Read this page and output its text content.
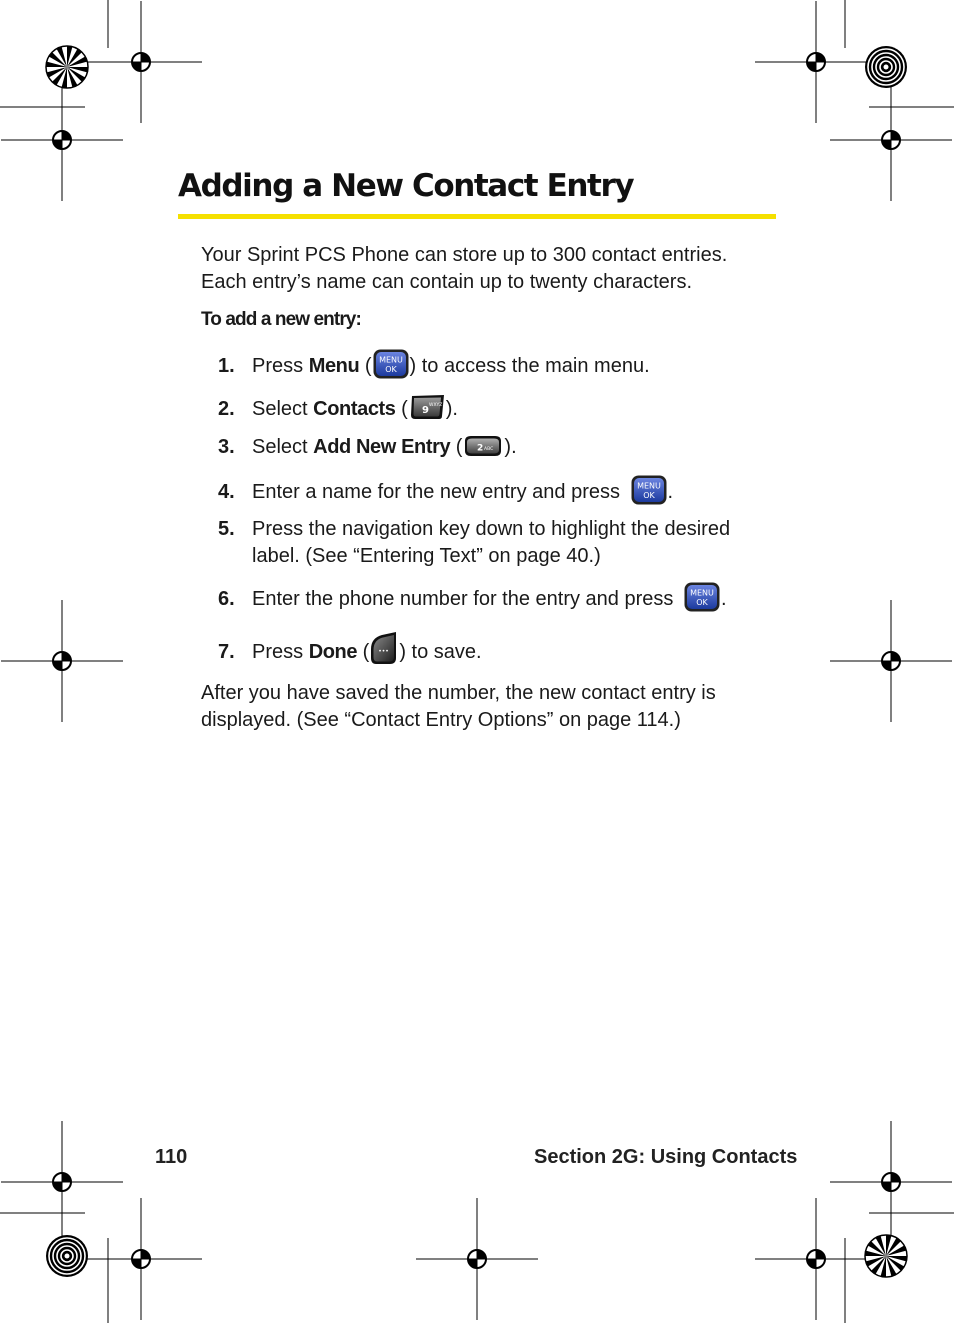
Adding a New Contact Entry
Your Sprint PCS Phone can store up to 300 contact entries.
Each entry’s name can contain up to twenty characters.
To add a new entry:
1. Press Menu ( MENU
OK ) to access the main menu.
2. Select Contacts ( 9 WXYZ ).
3. Select Add New Entry ( 2 ABC ).
4. Enter a name for the new entry and press MENU
OK .
5. Press the navigation key down to highlight the desired
label. (See “Entering Text” on page 40.)
6. Enter the phone number for the entry and press MENU
OK .
7. Press Done ( ••• ) to save.
After you have saved the number, the new contact entry is
displayed. (See “Contact Entry Options” on page 114.)
110	Section 2G: Using Contacts
